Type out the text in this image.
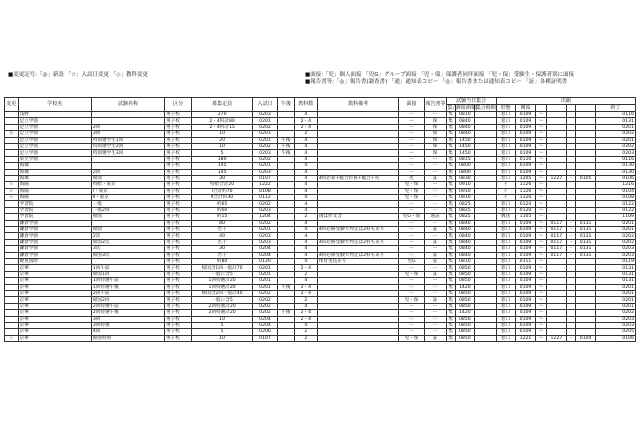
■変更記号:「◎」新設 「☆」入試日変更 「◇」教科変更	■面接:「児」個人面接 「児G」グループ面接 「児・保」保護者同伴面接 「児・保」受験生・保護者別に面接
■報告書等:「◎」報告書(調査書) 「通」通知表コピー 「◎」報告書または通知表コピー 「証」各種証明書
変更	学校名	試験名称	区分	募集定員	入試日	午後	教科数	教科備考	面接	報告書等	試験当日集合			出願						
											集合	開始時間	集合時間	形態	開始					終了
	浅野		男子校	270	0203		4		ー	ー	集	0810		窓口	0109	〜				0116
	足立学園		男子校	2・4科計80	0201		2・4		ー	保	集	0840		窓口	0109	〜				0131
	足立学園	2回	男子校	2・4科計15	0202		2・4		ー	保	集	0840		窓口	0109	〜				0201
◇	足立学園	3回	男子校	10	0203		2		ー	保	集	0840		窓口	0109	〜				0202
	足立学園	特別選学生1回	男子校	20	0201	午後	4		ー	保	集	1450		窓口	0109	〜				0201
	足立学園	特別選学生2回	男子校	10	0202	午後	4		ー	保	集	1450		窓口	0109	〜				0202
	足立学園	特別選学生3回	男子校	5	0203	午後	4		ー	保	集	1450		窓口	0109	〜				0203
	栄光学園		男子校	180	0202		4		ー	ー	集	0815		窓口	0110	〜				0116
	海城		男子校	145	0201		4		ー	ー	集	0800		窓口	0109	〜				0130
	海城	2回	男子校	145	0203		4		ー	ー	集	0800		窓口	0109	〜				0130
	海城	帰国	男子校	30	0107		4	4科か算+総合か算+総合+英	児	証	集	0830		窓口	1205	〜	1227	・	0105	0106
☆	海陽	特給・東京	男子校	特給合計20	1222		4		児・保	ー	集	0910		イ	1126	〜				1216
☆	海陽	Ⅰ・東京	男子校	Ⅰ合計約70	0108		4		児・保	ー	集	0910		イ	1126	〜				0104
☆	海陽	Ⅱ・東京	男子校	Ⅱ合計約30	0112		4		児・保	ー	集	0910		イ	1126	〜				0108
	学習院	一般	男子校	約65	0202		4		ー	ー	集	0825		窓口	0120	〜				0122
	学習院	一般2回	男子校	約60	0203		4		ー	ー	集	0825		窓口	0120	〜				0122
	学習院	帰国	男子校	約15	1204		2	国は作文含	児G・保	通証	集	0825		郵送	1105	〜				1109
	鎌倉学園		男子校	80	0202		4		ー	ー	集	0840		窓口	0109	〜	0117	・	0131	0201
	鎌倉学園	帰国	男子校	若干	0201		4	4科必修受験で判定は2科もあり	ー	証	集	0840		窓口	0109	〜	0117	・	0131	0201
	鎌倉学園	2次	男子校	40	0203		4		ー	ー	集	0840		窓口	0109	〜	0117	・	0131	0202
	鎌倉学園	帰国2次	男子校	若干	0203		4	4科必修受験で判定は2科もあり	ー	証	集	0840		窓口	0109	〜	0117	・	0131	0202
	鎌倉学園	3次	男子校	30	0204		4		ー	ー	集	0840		窓口	0109	〜	0117	・	0131	0203
	鎌倉学園	帰国3次	男子校	若干	0204		4	4科必修受験で判定は2科もあり	ー	証	集	0840		窓口	0109	〜	0117	・	0131	0203
	暁星国際		男子校	約80	0120		4	体育実技あり	児G	◎	集	0810		窓口	0111	〜				0119
	京華	1回午前	男子校	帰国含1回一般計70	0201		2・4		ー	ー	集	0850		窓口	0109	〜				0131
	京華	帰国1回	男子校	一般に含5	0201		2		児・保	証	集	0850		窓口	0109	〜				0131
	京華	1回特選午前	男子校	1回特選計20	0201		4		ー	ー	集	0850		窓口	0109	〜				0131
	京華	1回特選午後	男子校	1回特選計20	0201	午後	2・4		ー	ー	集	1420		窓口	0109	〜				0201
	京華	2回午前	男子校	帰国含2回一般計40	0202		2・4		ー	ー	集	0850		窓口	0109	〜				0201
	京華	帰国2回	男子校	一般に含5	0202		2		児・保	証	集	0850		窓口	0109	〜				0201
	京華	2回特選午前	男子校	2回特選計20	0202		4		ー	ー	集	0850		窓口	0109	〜				0201
	京華	2回特選午後	男子校	2回特選計20	0202	午後	2・4		ー	ー	集	1420		窓口	0109	〜				0202
	京華	3回	男子校	10	0204		2・4		ー	ー	集	0850		窓口	0109	〜				0203
	京華	3回特選	男子校	5	0204		4		ー	ー	集	0850		窓口	0109	〜				0203
	京華	4回	男子校	5	0206		2		ー	ー	集	0850		窓口	0109	〜				0205
☆	京華	帰国特別	男子校	10	0107		2		児・保	証	集	0850		窓口	1221	〜	1227	・	0104	0106
